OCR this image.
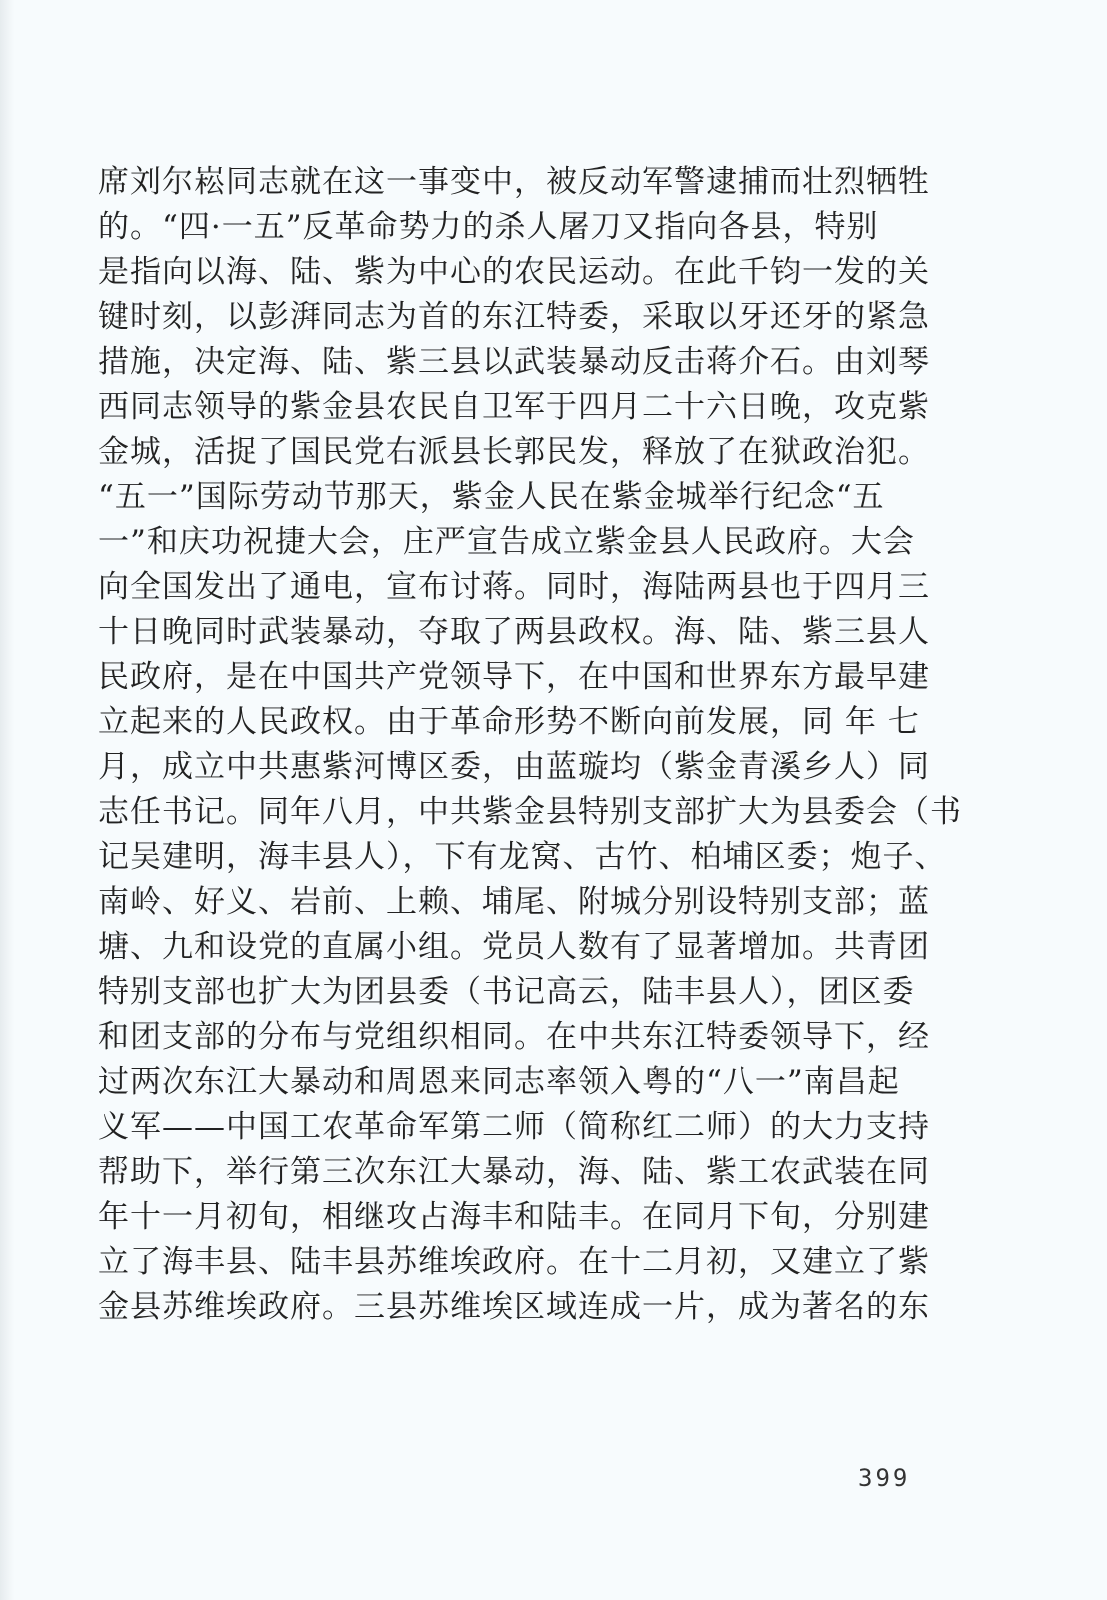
席刘尔崧同志就在这一事变中，被反动军警逮捕而壮烈牺牲
的。“四·一五”反革命势力的杀人屠刀又指向各县，特别
是指向以海、陆、紫为中心的农民运动。在此千钧一发的关
键时刻，以彭湃同志为首的东江特委，采取以牙还牙的紧急
措施，决定海、陆、紫三县以武装暴动反击蒋介石。由刘琴
西同志领导的紫金县农民自卫军于四月二十六日晚，攻克紫
金城，活捉了国民党右派县长郭民发，释放了在狱政治犯。
“五一”国际劳动节那天，紫金人民在紫金城举行纪念“五
一”和庆功祝捷大会，庄严宣告成立紫金县人民政府。大会
向全国发出了通电，宣布讨蒋。同时，海陆两县也于四月三
十日晚同时武装暴动，夺取了两县政权。海、陆、紫三县人
民政府，是在中国共产党领导下，在中国和世界东方最早建
立起来的人民政权。由于革命形势不断向前发展，同 年 七
月，成立中共惠紫河博区委，由蓝璇均（紫金青溪乡人）同
志任书记。同年八月，中共紫金县特别支部扩大为县委会（书
记吴建明，海丰县人），下有龙窝、古竹、柏埔区委；炮子、
南岭、好义、岩前、上赖、埔尾、附城分别设特别支部；蓝
塘、九和设党的直属小组。党员人数有了显著增加。共青团
特别支部也扩大为团县委（书记高云，陆丰县人），团区委
和团支部的分布与党组织相同。在中共东江特委领导下，经
过两次东江大暴动和周恩来同志率领入粤的“八一”南昌起
义军——中国工农革命军第二师（简称红二师）的大力支持
帮助下，举行第三次东江大暴动，海、陆、紫工农武装在同
年十一月初旬，相继攻占海丰和陆丰。在同月下旬，分别建
立了海丰县、陆丰县苏维埃政府。在十二月初，又建立了紫
金县苏维埃政府。三县苏维埃区域连成一片，成为著名的东
399
